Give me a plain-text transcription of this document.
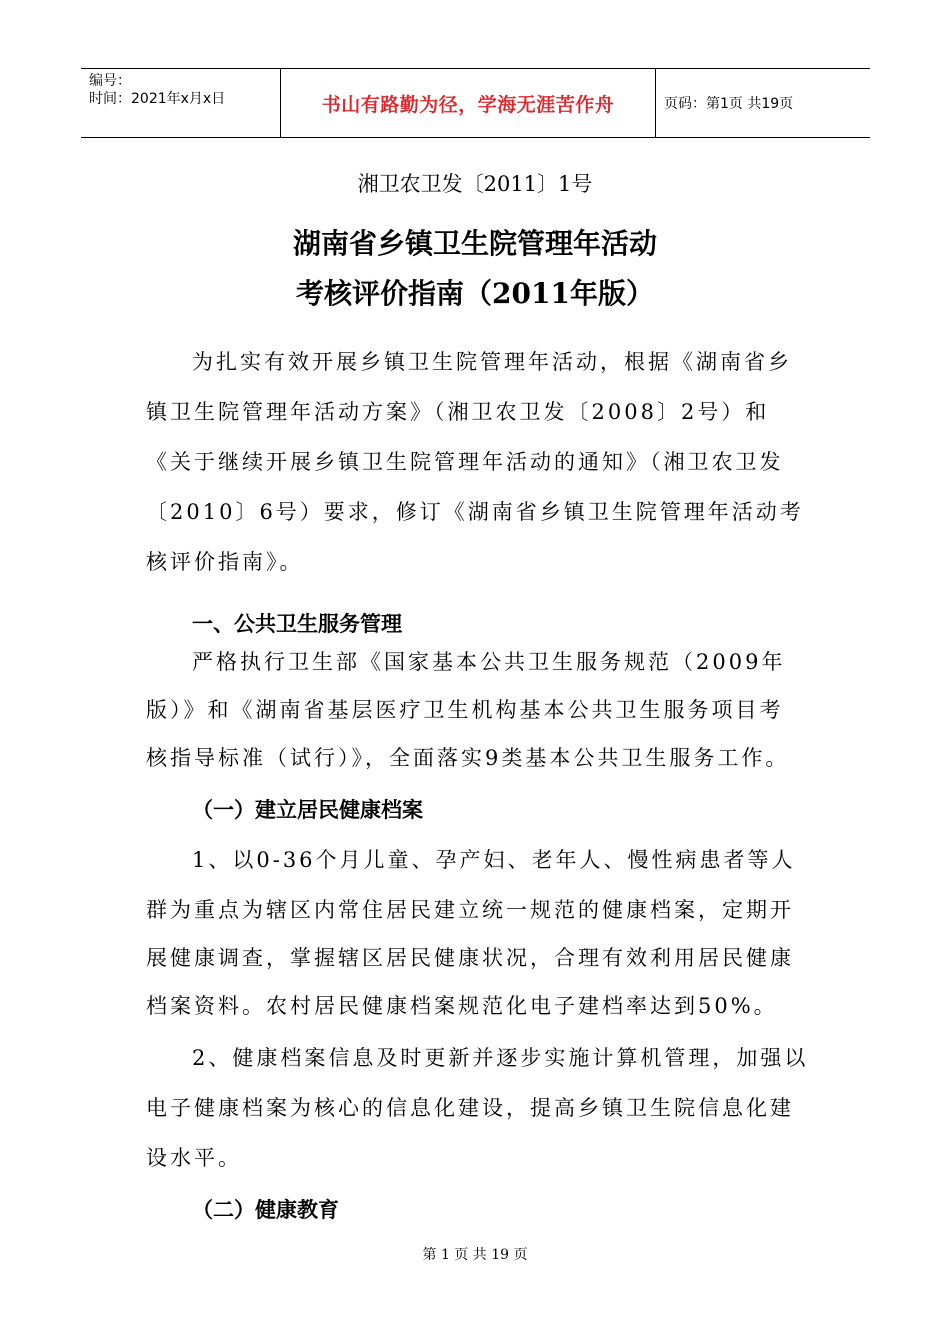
编号：
时间：2021年x月x日	书山有路勤为径，学海无涯苦作舟	页码：第1页 共19页
湘卫农卫发〔2011〕1号
湖南省乡镇卫生院管理年活动
考核评价指南（2011年版）
为扎实有效开展乡镇卫生院管理年活动，根据《湖南省乡
镇卫生院管理年活动方案》（湘卫农卫发〔2008〕2号）和
《关于继续开展乡镇卫生院管理年活动的通知》（湘卫农卫发
〔2010〕6号）要求，修订《湖南省乡镇卫生院管理年活动考
核评价指南》。
一、公共卫生服务管理
严格执行卫生部《国家基本公共卫生服务规范（2009年
版）》和《湖南省基层医疗卫生机构基本公共卫生服务项目考
核指导标准（试行）》，全面落实9类基本公共卫生服务工作。
（一）建立居民健康档案
1、以0-36个月儿童、孕产妇、老年人、慢性病患者等人
群为重点为辖区内常住居民建立统一规范的健康档案，定期开
展健康调查，掌握辖区居民健康状况，合理有效利用居民健康
档案资料。农村居民健康档案规范化电子建档率达到50%。
2、健康档案信息及时更新并逐步实施计算机管理，加强以
电子健康档案为核心的信息化建设，提高乡镇卫生院信息化建
设水平。
（二）健康教育
第 1 页 共 19 页
